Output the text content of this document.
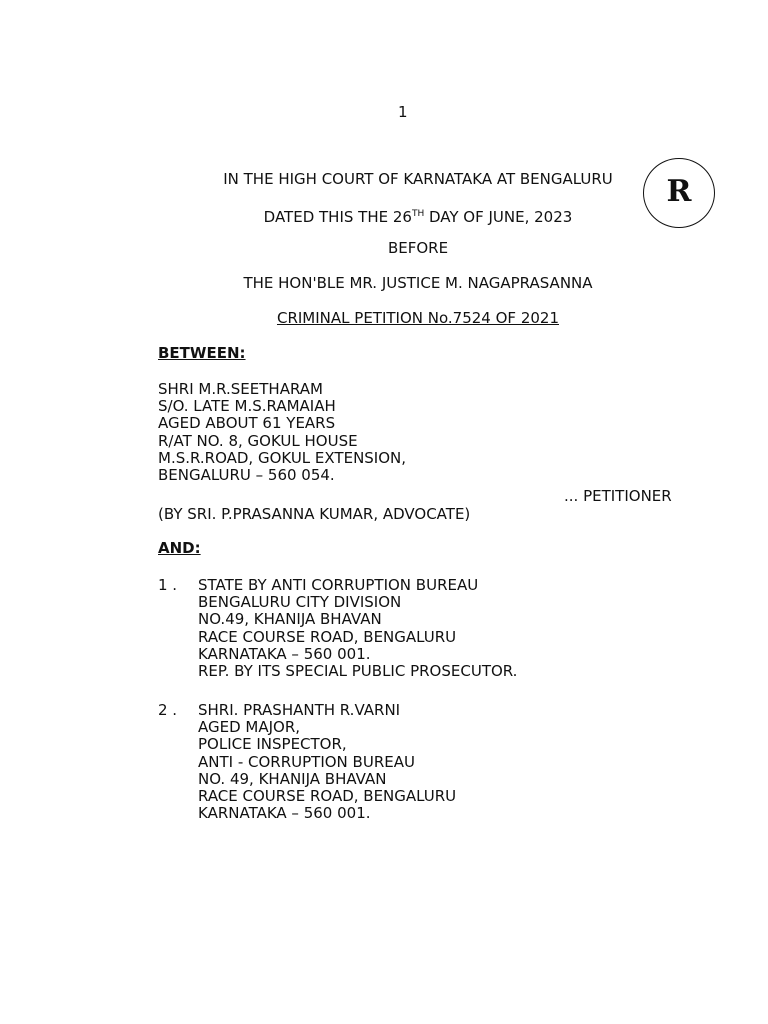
1
R
IN THE HIGH COURT OF KARNATAKA AT BENGALURU
DATED THIS THE 26TH DAY OF JUNE, 2023
BEFORE
THE HON'BLE MR. JUSTICE M. NAGAPRASANNA
CRIMINAL PETITION No.7524 OF 2021
BETWEEN:
SHRI M.R.SEETHARAM
S/O. LATE M.S.RAMAIAH
AGED ABOUT 61 YEARS
R/AT NO. 8, GOKUL HOUSE
M.S.R.ROAD, GOKUL EXTENSION,
BENGALURU – 560 054.
... PETITIONER
(BY SRI. P.PRASANNA KUMAR, ADVOCATE)
AND:
1 . STATE BY ANTI CORRUPTION BUREAU
BENGALURU CITY DIVISION
NO.49, KHANIJA BHAVAN
RACE COURSE ROAD, BENGALURU
KARNATAKA – 560 001.
REP. BY ITS SPECIAL PUBLIC PROSECUTOR.
2 . SHRI. PRASHANTH R.VARNI
AGED MAJOR,
POLICE INSPECTOR,
ANTI - CORRUPTION BUREAU
NO. 49, KHANIJA BHAVAN
RACE COURSE ROAD, BENGALURU
KARNATAKA – 560 001.
